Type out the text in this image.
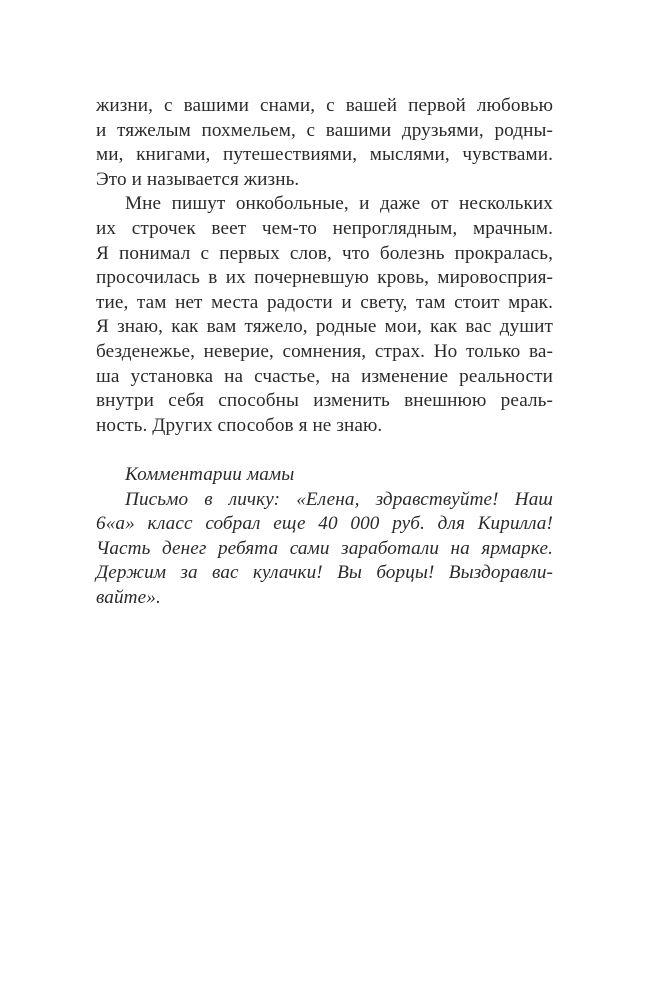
жизни, с вашими снами, с вашей первой любовью
и тяжелым похмельем, с вашими друзьями, родны-
ми, книгами, путешествиями, мыслями, чувствами.
Это и называется жизнь.
Мне пишут онкобольные, и даже от нескольких
их строчек веет чем-то непроглядным, мрачным.
Я понимал с первых слов, что болезнь прокралась,
просочилась в их почерневшую кровь, мировосприя-
тие, там нет места радости и свету, там стоит мрак.
Я знаю, как вам тяжело, родные мои, как вас душит
безденежье, неверие, сомнения, страх. Но только ва-
ша установка на счастье, на изменение реальности
внутри себя способны изменить внешнюю реаль-
ность. Других способов я не знаю.
Комментарии мамы
Письмо в личку: «Елена, здравствуйте! Наш
6«а» класс собрал еще 40 000 руб. для Кирилла!
Часть денег ребята сами заработали на ярмарке.
Держим за вас кулачки! Вы борцы! Выздоравли-
вайте».
